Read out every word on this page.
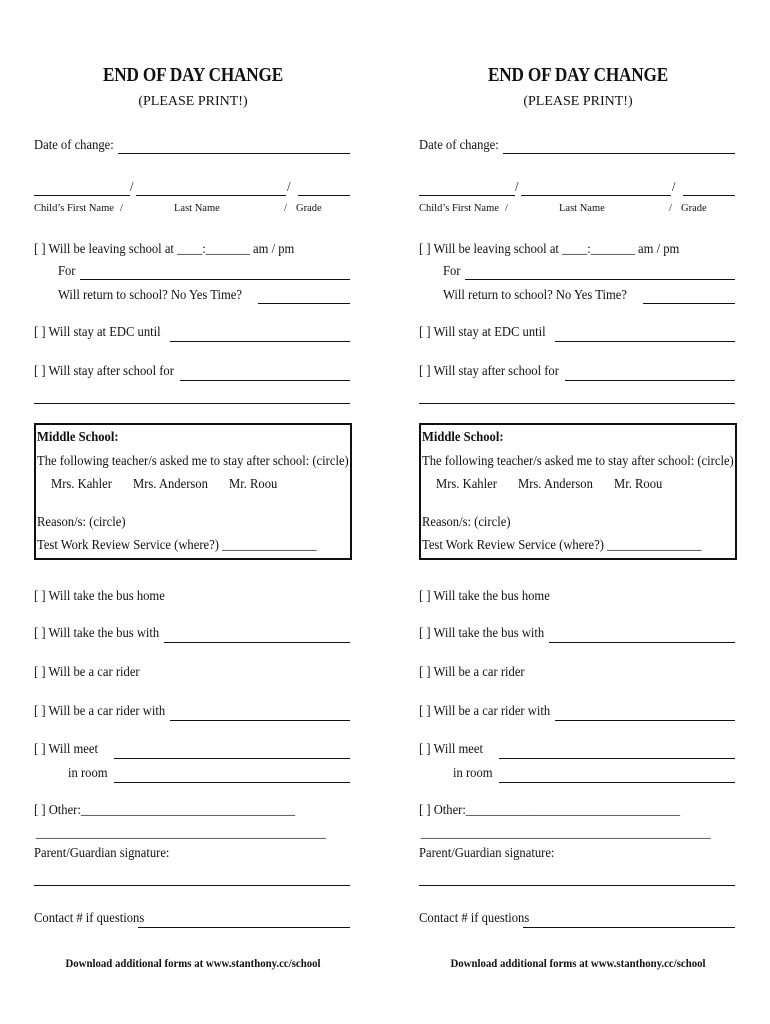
END OF DAY CHANGE
(PLEASE PRINT!)
Date of change:
/	/
Child’s First Name /	Last Name	/ Grade
[ ] Will be leaving school at ____:_______ am / pm
For
Will return to school? No Yes Time?
[ ] Will stay at EDC until
[ ] Will stay after school for
Middle School:
The following teacher/s asked me to stay after school: (circle)
Mrs. Kahler Mrs. Anderson Mr. Roou
Reason/s: (circle)
Test Work Review Service (where?) _______________
[ ] Will take the bus home
[ ] Will take the bus with
[ ] Will be a car rider
[ ] Will be a car rider with
[ ] Will meet
in room
[ ] Other:__________________________________
______________________________________________
Parent/Guardian signature:
Contact # if questions
Download additional forms at www.stanthony.cc/school
END OF DAY CHANGE
(PLEASE PRINT!)
Date of change:
/	/
Child’s First Name /	Last Name	/ Grade
[ ] Will be leaving school at ____:_______ am / pm
For
Will return to school? No Yes Time?
[ ] Will stay at EDC until
[ ] Will stay after school for
Middle School:
The following teacher/s asked me to stay after school: (circle)
Mrs. Kahler Mrs. Anderson Mr. Roou
Reason/s: (circle)
Test Work Review Service (where?) _______________
[ ] Will take the bus home
[ ] Will take the bus with
[ ] Will be a car rider
[ ] Will be a car rider with
[ ] Will meet
in room
[ ] Other:__________________________________
______________________________________________
Parent/Guardian signature:
Contact # if questions
Download additional forms at www.stanthony.cc/school
